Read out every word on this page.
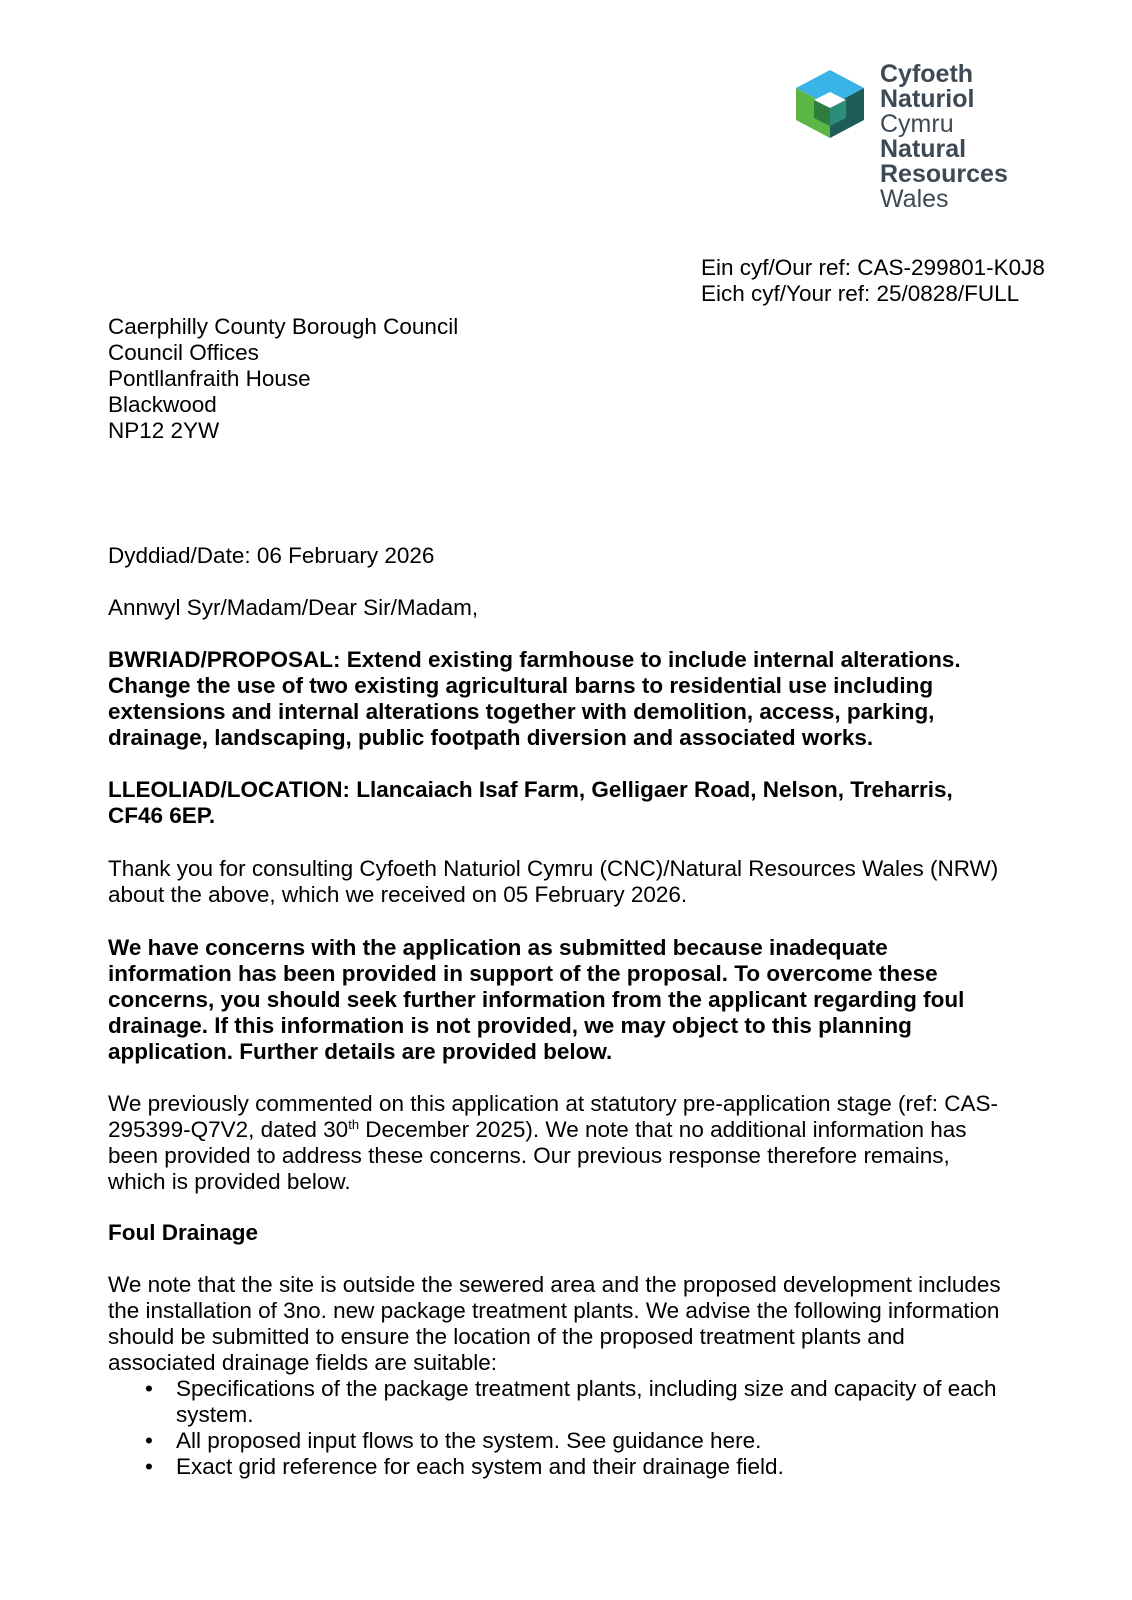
Cyfoeth
Naturiol
Cymru
Natural
Resources
Wales
Ein cyf/Our ref: CAS-299801-K0J8
Eich cyf/Your ref: 25/0828/FULL
Caerphilly County Borough Council
Council Offices
Pontllanfraith House
Blackwood
NP12 2YW
Dyddiad/Date: 06 February 2026
Annwyl Syr/Madam/Dear Sir/Madam,
BWRIAD/PROPOSAL: Extend existing farmhouse to include internal alterations.
Change the use of two existing agricultural barns to residential use including
extensions and internal alterations together with demolition, access, parking,
drainage, landscaping, public footpath diversion and associated works.
LLEOLIAD/LOCATION: Llancaiach Isaf Farm, Gelligaer Road, Nelson, Treharris,
CF46 6EP.
Thank you for consulting Cyfoeth Naturiol Cymru (CNC)/Natural Resources Wales (NRW)
about the above, which we received on 05 February 2026.
We have concerns with the application as submitted because inadequate
information has been provided in support of the proposal. To overcome these
concerns, you should seek further information from the applicant regarding foul
drainage. If this information is not provided, we may object to this planning
application. Further details are provided below.
We previously commented on this application at statutory pre-application stage (ref: CAS-
295399-Q7V2, dated 30th December 2025). We note that no additional information has
been provided to address these concerns. Our previous response therefore remains,
which is provided below.
Foul Drainage
We note that the site is outside the sewered area and the proposed development includes
the installation of 3no. new package treatment plants. We advise the following information
should be submitted to ensure the location of the proposed treatment plants and
associated drainage fields are suitable:
• Specifications of the package treatment plants, including size and capacity of each
system.
• All proposed input flows to the system. See guidance here.
• Exact grid reference for each system and their drainage field.
